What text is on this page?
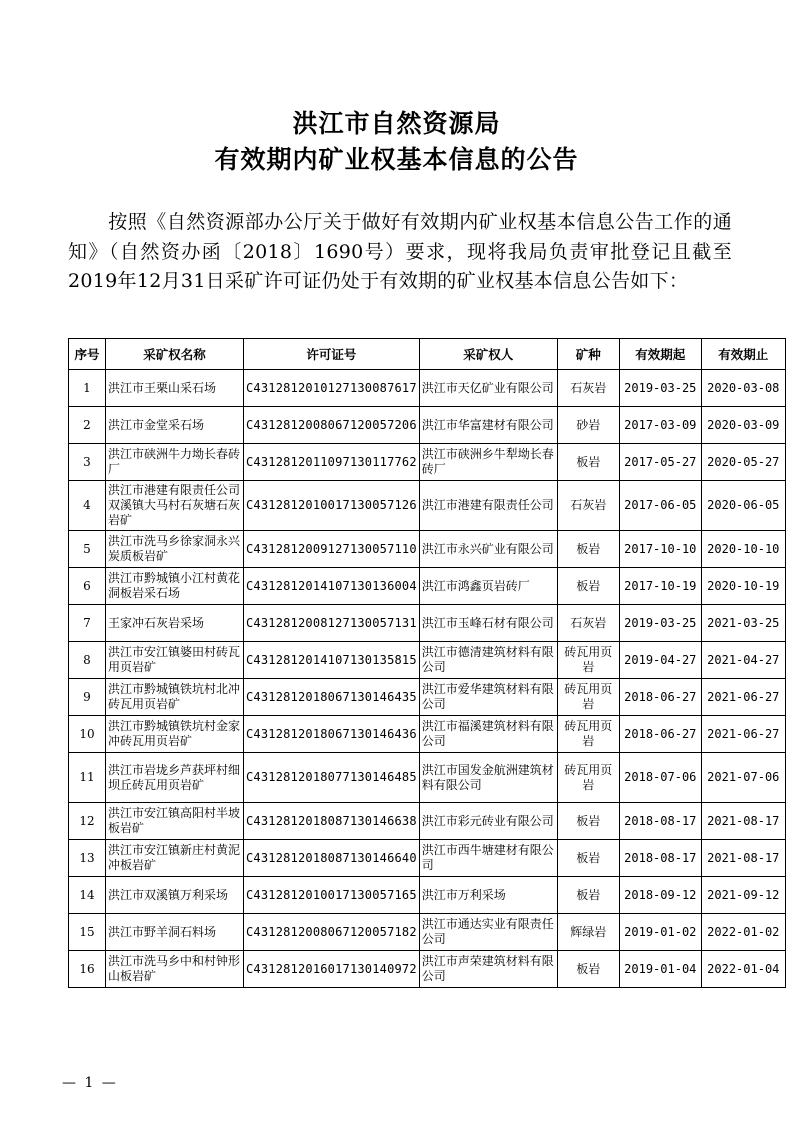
洪江市自然资源局
有效期内矿业权基本信息的公告
按照《自然资源部办公厅关于做好有效期内矿业权基本信息公告工作的通知》（自然资办函〔2018〕1690号）要求，现将我局负责审批登记且截至2019年12月31日采矿许可证仍处于有效期的矿业权基本信息公告如下：
序号	采矿权名称	许可证号	采矿权人	矿种	有效期起	有效期止
1	洪江市王栗山采石场	C4312812010127130087617	洪江市天亿矿业有限公司	石灰岩	2019-03-25	2020-03-08
2	洪江市金堂采石场	C4312812008067120057206	洪江市华富建材有限公司	砂岩	2017-03-09	2020-03-09
3	洪江市硖洲牛力坳长春砖厂	C4312812011097130117762	洪江市硖洲乡牛犁坳长春砖厂	板岩	2017-05-27	2020-05-27
4	洪江市港建有限责任公司双溪镇大马村石灰塘石灰岩矿	C4312812010017130057126	洪江市港建有限责任公司	石灰岩	2017-06-05	2020-06-05
5	洪江市洗马乡徐家洞永兴炭质板岩矿	C4312812009127130057110	洪江市永兴矿业有限公司	板岩	2017-10-10	2020-10-10
6	洪江市黔城镇小江村黄花洞板岩采石场	C4312812014107130136004	洪江市鸿鑫页岩砖厂	板岩	2017-10-19	2020-10-19
7	王家冲石灰岩采场	C4312812008127130057131	洪江市玉峰石材有限公司	石灰岩	2019-03-25	2021-03-25
8	洪江市安江镇婆田村砖瓦用页岩矿	C4312812014107130135815	洪江市德清建筑材料有限公司	砖瓦用页岩	2019-04-27	2021-04-27
9	洪江市黔城镇铁坑村北冲砖瓦用页岩矿	C4312812018067130146435	洪江市爱华建筑材料有限公司	砖瓦用页岩	2018-06-27	2021-06-27
10	洪江市黔城镇铁坑村金家冲砖瓦用页岩矿	C4312812018067130146436	洪江市福溪建筑材料有限公司	砖瓦用页岩	2018-06-27	2021-06-27
11	洪江市岩垅乡芦获坪村细坝丘砖瓦用页岩矿	C4312812018077130146485	洪江市国发金航洲建筑材料有限公司	砖瓦用页岩	2018-07-06	2021-07-06
12	洪江市安江镇高阳村半坡板岩矿	C4312812018087130146638	洪江市彩元砖业有限公司	板岩	2018-08-17	2021-08-17
13	洪江市安江镇新庄村黄泥冲板岩矿	C4312812018087130146640	洪江市西牛塘建材有限公司	板岩	2018-08-17	2021-08-17
14	洪江市双溪镇万利采场	C4312812010017130057165	洪江市万利采场	板岩	2018-09-12	2021-09-12
15	洪江市野羊洞石料场	C4312812008067120057182	洪江市通达实业有限责任公司	辉绿岩	2019-01-02	2022-01-02
16	洪江市洗马乡中和村钟形山板岩矿	C4312812016017130140972	洪江市声荣建筑材料有限公司	板岩	2019-01-04	2022-01-04
— 1 —
